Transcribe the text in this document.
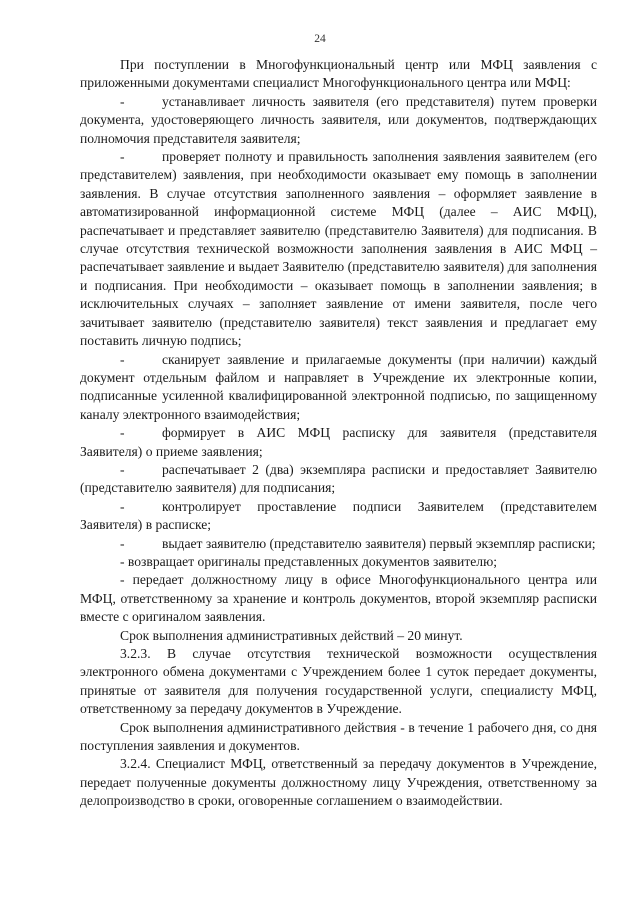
24

При поступлении в Многофункциональный центр или МФЦ заявления с приложенными документами специалист Многофункционального центра или МФЦ:

-	устанавливает личность заявителя (его представителя) путем проверки документа, удостоверяющего личность заявителя, или документов, подтверждающих полномочия представителя заявителя;

-	проверяет полноту и правильность заполнения заявления заявителем (его представителем) заявления, при необходимости оказывает ему помощь в заполнении заявления. В случае отсутствия заполненного заявления – оформляет заявление в автоматизированной информационной системе МФЦ (далее – АИС МФЦ), распечатывает и представляет заявителю (представителю Заявителя) для подписания. В случае отсутствия технической возможности заполнения заявления в АИС МФЦ – распечатывает заявление и выдает Заявителю (представителю заявителя) для заполнения и подписания. При необходимости – оказывает помощь в заполнении заявления; в исключительных случаях – заполняет заявление от имени заявителя, после чего зачитывает заявителю (представителю заявителя) текст заявления и предлагает ему поставить личную подпись;

-	сканирует заявление и прилагаемые документы (при наличии) каждый документ отдельным файлом и направляет в Учреждение их электронные копии, подписанные усиленной квалифицированной электронной подписью, по защищенному каналу электронного взаимодействия;

-	формирует в АИС МФЦ расписку для заявителя (представителя Заявителя) о приеме заявления;

-	распечатывает 2 (два) экземпляра расписки и предоставляет Заявителю (представителю заявителя) для подписания;

-	контролирует проставление подписи Заявителем (представителем Заявителя) в расписке;

-	выдает заявителю (представителю заявителя) первый экземпляр расписки;

- возвращает оригиналы представленных документов заявителю;

- передает должностному лицу в офисе Многофункционального центра или МФЦ, ответственному за хранение и контроль документов, второй экземпляр расписки вместе с оригиналом заявления.

Срок выполнения административных действий – 20 минут.

3.2.3. В случае отсутствия технической возможности осуществления электронного обмена документами с Учреждением более 1 суток передает документы, принятые от заявителя для получения государственной услуги, специалисту МФЦ, ответственному за передачу документов в Учреждение.

Срок выполнения административного действия - в течение 1 рабочего дня, со дня поступления заявления и документов.

3.2.4. Специалист МФЦ, ответственный за передачу документов в Учреждение, передает полученные документы должностному лицу Учреждения, ответственному за делопроизводство в сроки, оговоренные соглашением о взаимодействии.
